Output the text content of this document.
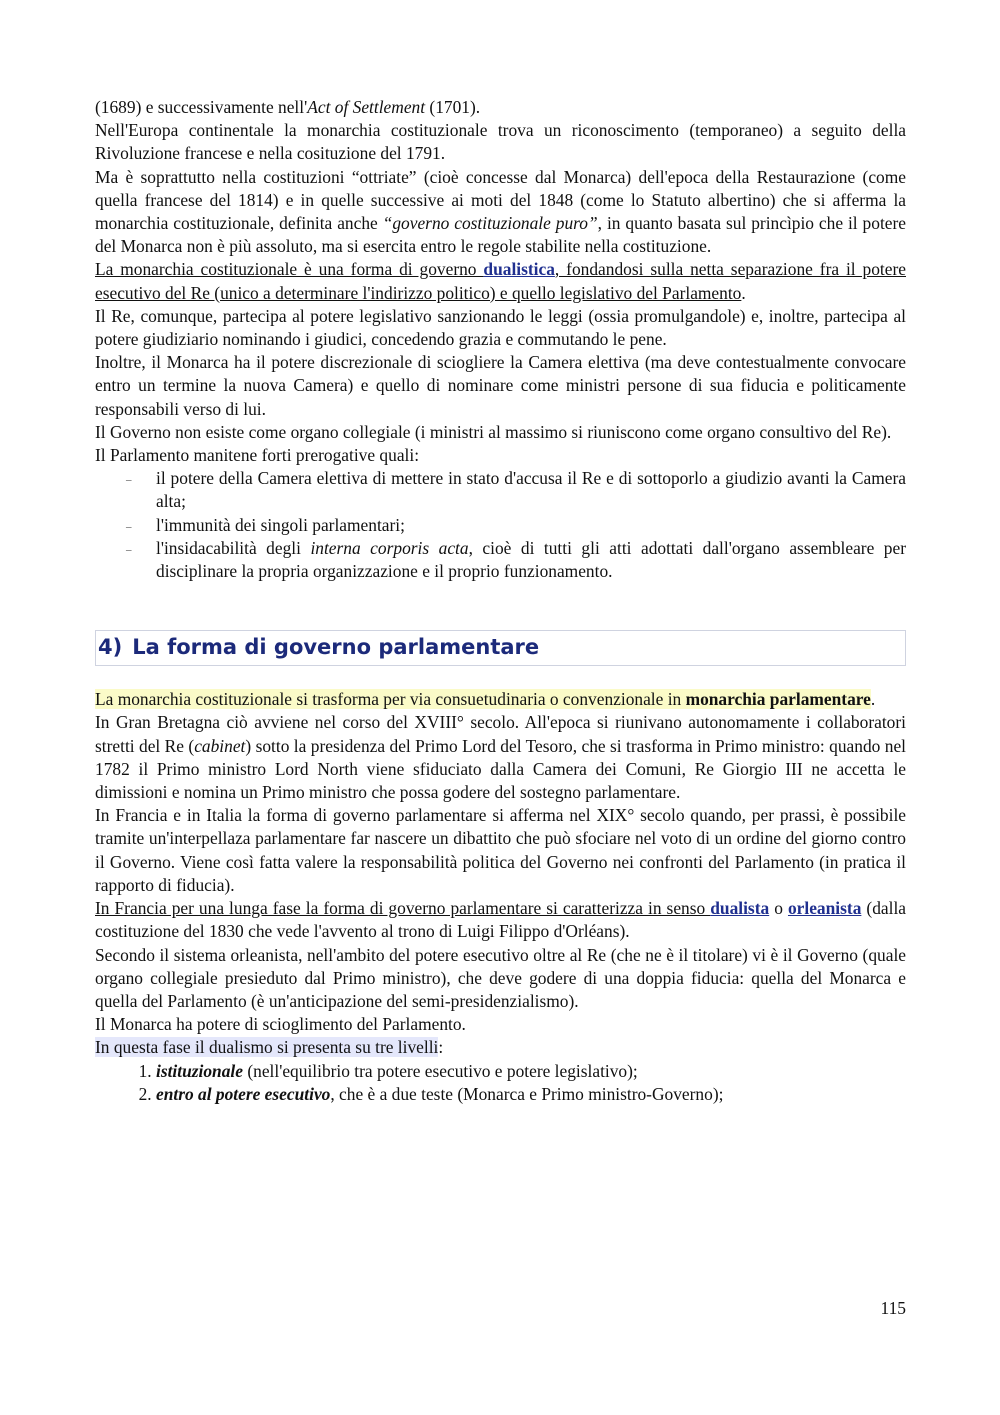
(1689) e successivamente nell'Act of Settlement (1701).

Nell'Europa continentale la monarchia costituzionale trova un riconoscimento (temporaneo) a seguito della Rivoluzione francese e nella cosituzione del 1791.

Ma è soprattutto nella costituzioni “ottriate” (cioè concesse dal Monarca) dell'epoca della Restaurazione (come quella francese del 1814) e in quelle successive ai moti del 1848 (come lo Statuto albertino) che si afferma la monarchia costituzionale, definita anche “governo costituzionale puro”, in quanto basata sul princìpio che il potere del Monarca non è più assoluto, ma si esercita entro le regole stabilite nella costituzione.

La monarchia costituzionale è una forma di governo dualistica, fondandosi sulla netta separazione fra il potere esecutivo del Re (unico a determinare l'indirizzo politico) e quello legislativo del Parlamento.

Il Re, comunque, partecipa al potere legislativo sanzionando le leggi (ossia promulgandole) e, inoltre, partecipa al potere giudiziario nominando i giudici, concedendo grazia e commutando le pene.

Inoltre, il Monarca ha il potere discrezionale di sciogliere la Camera elettiva (ma deve contestualmente convocare entro un termine la nuova Camera) e quello di nominare come ministri persone di sua fiducia e politicamente responsabili verso di lui.

Il Governo non esiste come organo collegiale (i ministri al massimo si riuniscono come organo consultivo del Re).

Il Parlamento manitene forti prerogative quali:

– il potere della Camera elettiva di mettere in stato d'accusa il Re e di sottoporlo a giudizio avanti la Camera alta;
– l'immunità dei singoli parlamentari;
– l'insidacabilità degli interna corporis acta, cioè di tutti gli atti adottati dall'organo assembleare per disciplinare la propria organizzazione e il proprio funzionamento.
4) La forma di governo parlamentare

La monarchia costituzionale si trasforma per via consuetudinaria o convenzionale in monarchia parlamentare.

In Gran Bretagna ciò avviene nel corso del XVIII° secolo. All'epoca si riunivano autonomamente i collaboratori stretti del Re (cabinet) sotto la presidenza del Primo Lord del Tesoro, che si trasforma in Primo ministro: quando nel 1782 il Primo ministro Lord North viene sfiduciato dalla Camera dei Comuni, Re Giorgio III ne accetta le dimissioni e nomina un Primo ministro che possa godere del sostegno parlamentare.

In Francia e in Italia la forma di governo parlamentare si afferma nel XIX° secolo quando, per prassi, è possibile tramite un'interpellaza parlamentare far nascere un dibattito che può sfociare nel voto di un ordine del giorno contro il Governo. Viene così fatta valere la responsabilità politica del Governo nei confronti del Parlamento (in pratica il rapporto di fiducia).

In Francia per una lunga fase la forma di governo parlamentare si caratterizza in senso dualista o orleanista (dalla costituzione del 1830 che vede l'avvento al trono di Luigi Filippo d'Orléans).

Secondo il sistema orleanista, nell'ambito del potere esecutivo oltre al Re (che ne è il titolare) vi è il Governo (quale organo collegiale presieduto dal Primo ministro), che deve godere di una doppia fiducia: quella del Monarca e quella del Parlamento (è un'anticipazione del semi-presidenzialismo).

Il Monarca ha potere di scioglimento del Parlamento.

In questa fase il dualismo si presenta su tre livelli:

1. istituzionale (nell'equilibrio tra potere esecutivo e potere legislativo);
2. entro al potere esecutivo, che è a due teste (Monarca e Primo ministro-Governo);
115
